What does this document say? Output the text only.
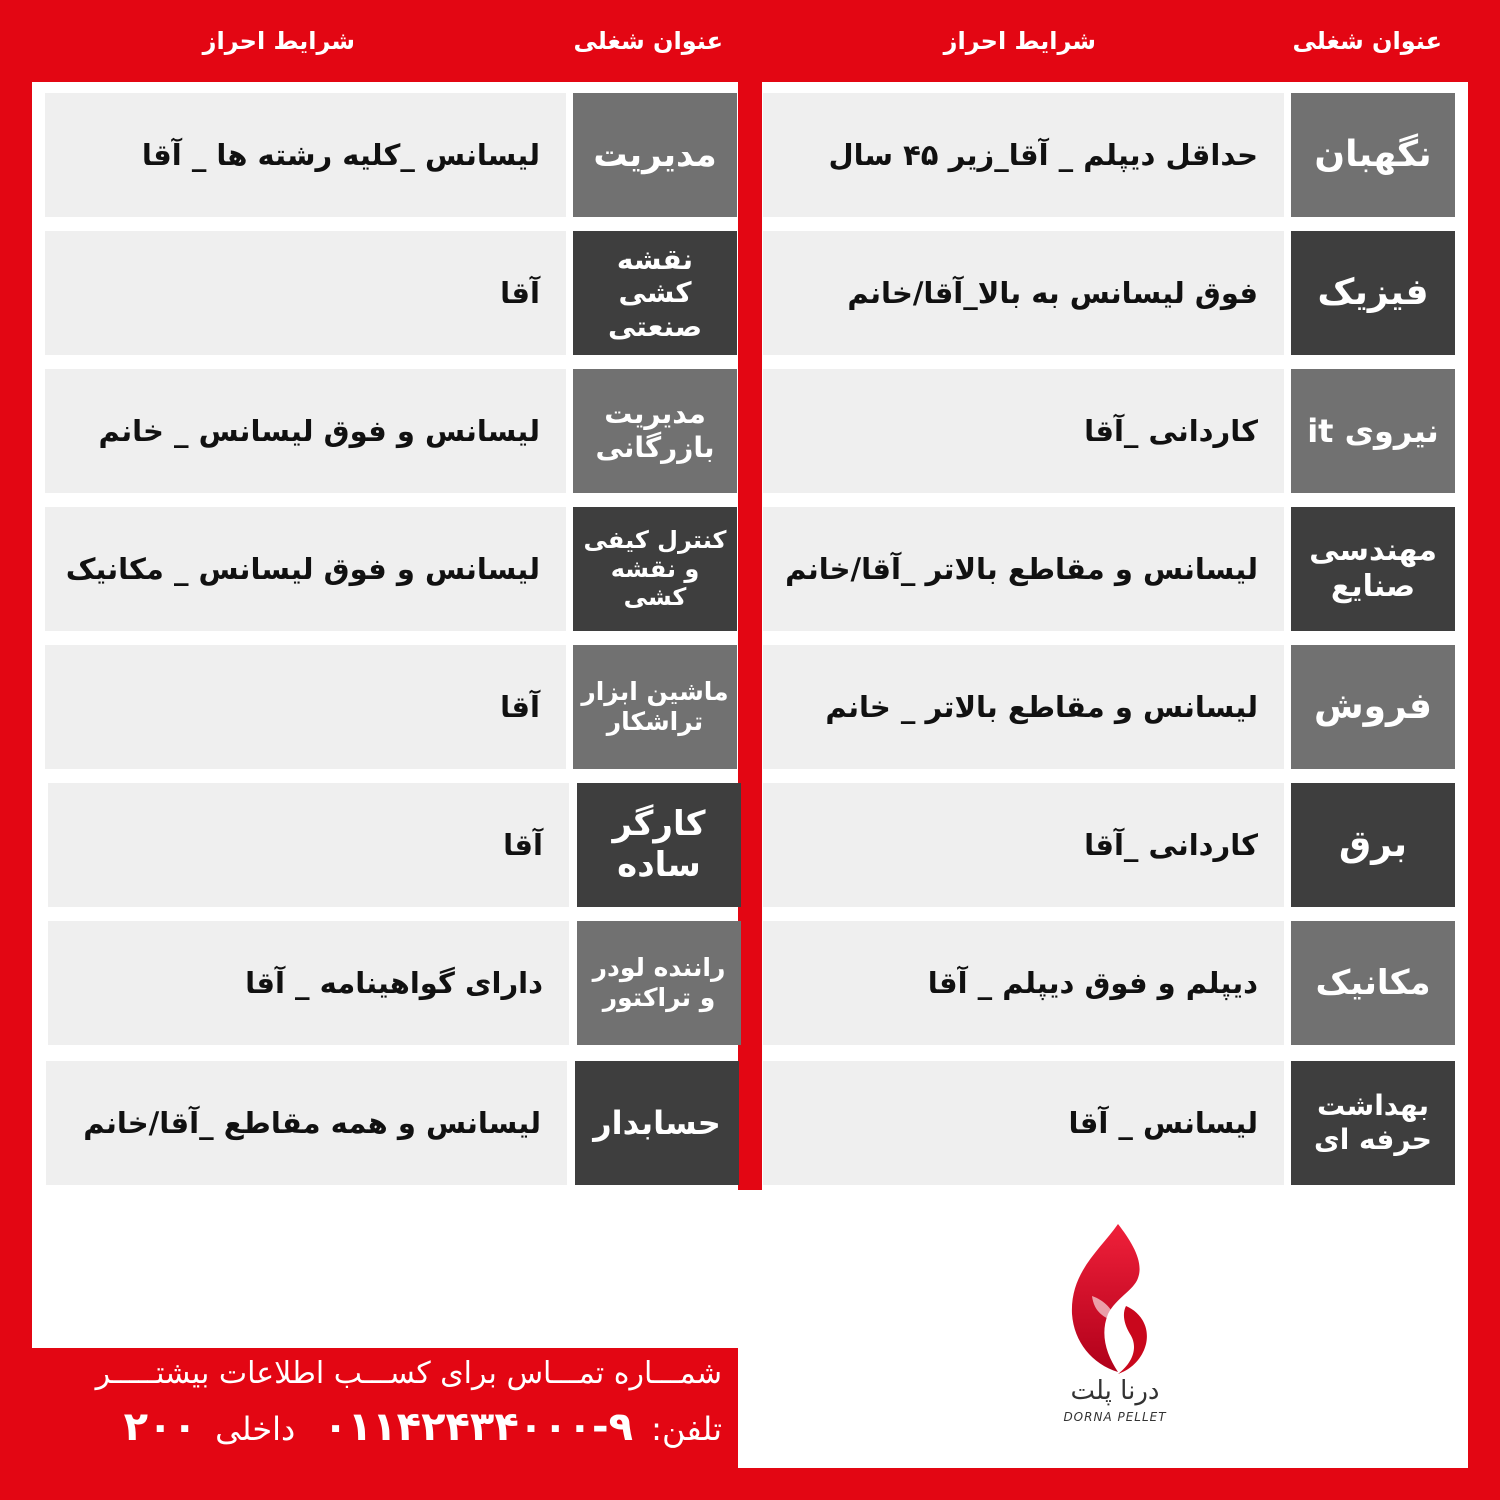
عنوان شغلی
شرایط احراز	عنوان شغلی
شرایط احراز
نگهبان
حداقل دیپلم _ آقا_زیر ۴۵ سال
فیزیک
فوق لیسانس به بالا_آقا/خانم
نیروی it
کاردانی _آقا
مهندسی صنایع
لیسانس و مقاطع بالاتر _آقا/خانم
فروش
لیسانس و مقاطع بالاتر _ خانم
برق
کاردانی _آقا
مکانیک
دیپلم و فوق دیپلم _ آقا
بهداشت حرفه ای
لیسانس _ آقا
مدیریت
لیسانس _کلیه رشته ها _ آقا
نقشه کشی صنعتی
آقا
مدیریت بازرگانی
لیسانس و فوق لیسانس _ خانم
کنترل کیفی و نقشه کشی
لیسانس و فوق لیسانس _ مکانیک
ماشین ابزار تراشکار
آقا
کارگر ساده
آقا
راننده لودر و تراکتور
دارای گواهینامه _ آقا
حسابدار
لیسانس و همه مقاطع _آقا/خانم
شمـــاره تمـــاس برای کســـب اطلاعات بیشتـــــر
تلفن: ۰۱۱۴۲۴۳۴۰۰۰-۹ داخلی ۲۰۰
درنا پلت
DORNA PELLET
